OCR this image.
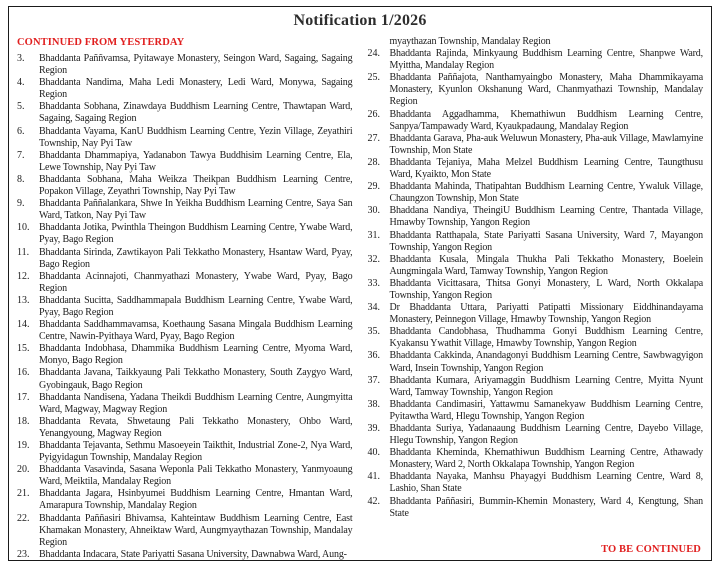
Notification 1/2026
CONTINUED FROM YESTERDAY
3.	Bhaddanta Paññvamsa, Pyitawaye Monastery, Seingon Ward, Sagaing, Sagaing Region
4.	Bhaddanta Nandima, Maha Ledi Monastery, Ledi Ward, Monywa, Sagaing Region
5.	Bhaddanta Sobhana, Zinawdaya Buddhism Learning Centre, Thawtapan Ward, Sagaing, Sagaing Region
6.	Bhaddanta Vayama, KanU Buddhism Learning Centre, Yezin Village, Zeyathiri Township, Nay Pyi Taw
7.	Bhaddanta Dhammapiya, Yadanabon Tawya Buddhisim Learning Centre, Ela, Lewe Township, Nay Pyi Taw
8.	Bhaddanta Sobhana, Maha Weikza Theikpan Buddhism Learning Centre, Popakon Village, Zeyathri Township, Nay Pyi Taw
9.	Bhaddanta Paññalankara, Shwe In Yeikha Buddhism Learning Centre, Saya San Ward, Tatkon, Nay Pyi Taw
10. Bhaddanta Jotika, Pwinthla Theingon Buddhism Learning Centre, Ywabe Ward, Pyay, Bago Region
11. Bhaddanta Sirinda, Zawtikayon Pali Tekkatho Monastery, Hsantaw Ward, Pyay, Bago Region
12. Bhaddanta Acinnajoti, Chanmyathazi Monastery, Ywabe Ward, Pyay, Bago Region
13. Bhaddanta Sucitta, Saddhammapala Buddhism Learning Centre, Ywabe Ward, Pyay, Bago Region
14. Bhaddanta Saddhammavamsa, Koethaung Sasana Mingala Buddhism Learning Centre, Nawin-Pyithaya Ward, Pyay, Bago Region
15. Bhaddanta Indobhasa, Dhammika Buddhism Learning Centre, Myoma Ward, Monyo, Bago Region
16. Bhaddanta Javana, Taikkyaung Pali Tekkatho Monastery, South Zaygyo Ward, Gyobingauk, Bago Region
17. Bhaddanta Nandisena, Yadana Theikdi Buddhism Learning Centre, Aungmyitta Ward, Magway, Magway Region
18. Bhaddanta Revata, Shwetaung Pali Tekkatho Monastery, Ohbo Ward, Yenangyoung, Magway Region
19. Bhaddanta Tejavanta, Sethmu Masoeyein Taikthit, Industrial Zone-2, Nya Ward, Pyigyidagun Township, Mandalay Region
20. Bhaddanta Vasavinda, Sasana Weponla Pali Tekkatho Monastery, Yanmyoaung Ward, Meiktila, Mandalay Region
21. Bhaddanta Jagara, Hsinbyumei Buddhism Learning Centre, Hmantan Ward, Amarapura Township, Mandalay Region
22. Bhaddanta Paññasiri Bhivamsa, Kahteintaw Buddhism Learning Centre, East Khamakan Monastery, Ahneiktaw Ward, Aungmyaythazan Township, Mandalay Region
23. Bhaddanta Indacara, State Pariyatti Sasana University, Dawnabwa Ward, Aung-

myaythazan Township, Mandalay Region

24. Bhaddanta Rajinda, Minkyaung Buddhism Learning Centre, Shanpwe Ward, Myittha, Mandalay Region
25. Bhaddanta Paññajota, Nanthamyaingbo Monastery, Maha Dhammikayama Monastery, Kyunlon Okshanung Ward, Chanmyathazi Township, Mandalay Region
26. Bhaddanta Aggadhamma, Khemathiwun Buddhism Learning Centre, Sanpya/Tampawady Ward, Kyaukpadaung, Mandalay Region
27. Bhaddanta Garava, Pha-auk Weluwun Monastery, Pha-auk Village, Mawlamyine Township, Mon State
28. Bhaddanta Tejaniya, Maha Melzel Buddhism Learning Centre, Taungthusu Ward, Kyaikto, Mon State
29. Bhaddanta Mahinda, Thatipahtan Buddhism Learning Centre, Ywaluk Village, Chaungzon Township, Mon State
30. Bhaddana Nandiya, TheingiU Buddhism Learning Centre, Thantada Village, Hmawby Township, Yangon Region
31. Bhaddanta Ratthapala, State Pariyatti Sasana University, Ward 7, Mayangon Township, Yangon Region
32. Bhaddanta Kusala, Mingala Thukha Pali Tekkatho Monastery, Boelein Aungmingala Ward, Tamway Township, Yangon Region
33. Bhaddanta Vicittasara, Thitsa Gonyi Monastery, L Ward, North Okkalapa Township, Yangon Region
34. Dr Bhaddanta Uttara, Pariyatti Patipatti Missionary Eiddhinandayama Monastery, Peinnegon Village, Hmawby Township, Yangon Region
35. Bhaddanta Candobhasa, Thudhamma Gonyi Buddhism Learning Centre, Kyakansu Ywathit Village, Hmawby Township, Yangon Region
36. Bhaddanta Cakkinda, Anandagonyi Buddhism Learning Centre, Sawbwagyigon Ward, Insein Township, Yangon Region
37. Bhaddanta Kumara, Ariyamaggin Buddhism Learning Centre, Myitta Nyunt Ward, Tamway Township, Yangon Region
38. Bhaddanta Candimasiri, Yattawmu Samanekyaw Buddhism Learning Centre, Pyitawtha Ward, Hlegu Township, Yangon Region
39. Bhaddanta Suriya, Yadanaaung Buddhism Learning Centre, Dayebo Village, Hlegu Township, Yangon Region
40. Bhaddanta Kheminda, Khemathiwun Buddhism Learning Centre, Athawady Monastery, Ward 2, North Okkalapa Township, Yangon Region
41. Bhaddanta Nayaka, Manhsu Phayagyi Buddhism Learning Centre, Ward 8, Lashio, Shan State
42. Bhaddanta Paññasiri, Bummin-Khemin Monastery, Ward 4, Kengtung, Shan State
TO BE CONTINUED
